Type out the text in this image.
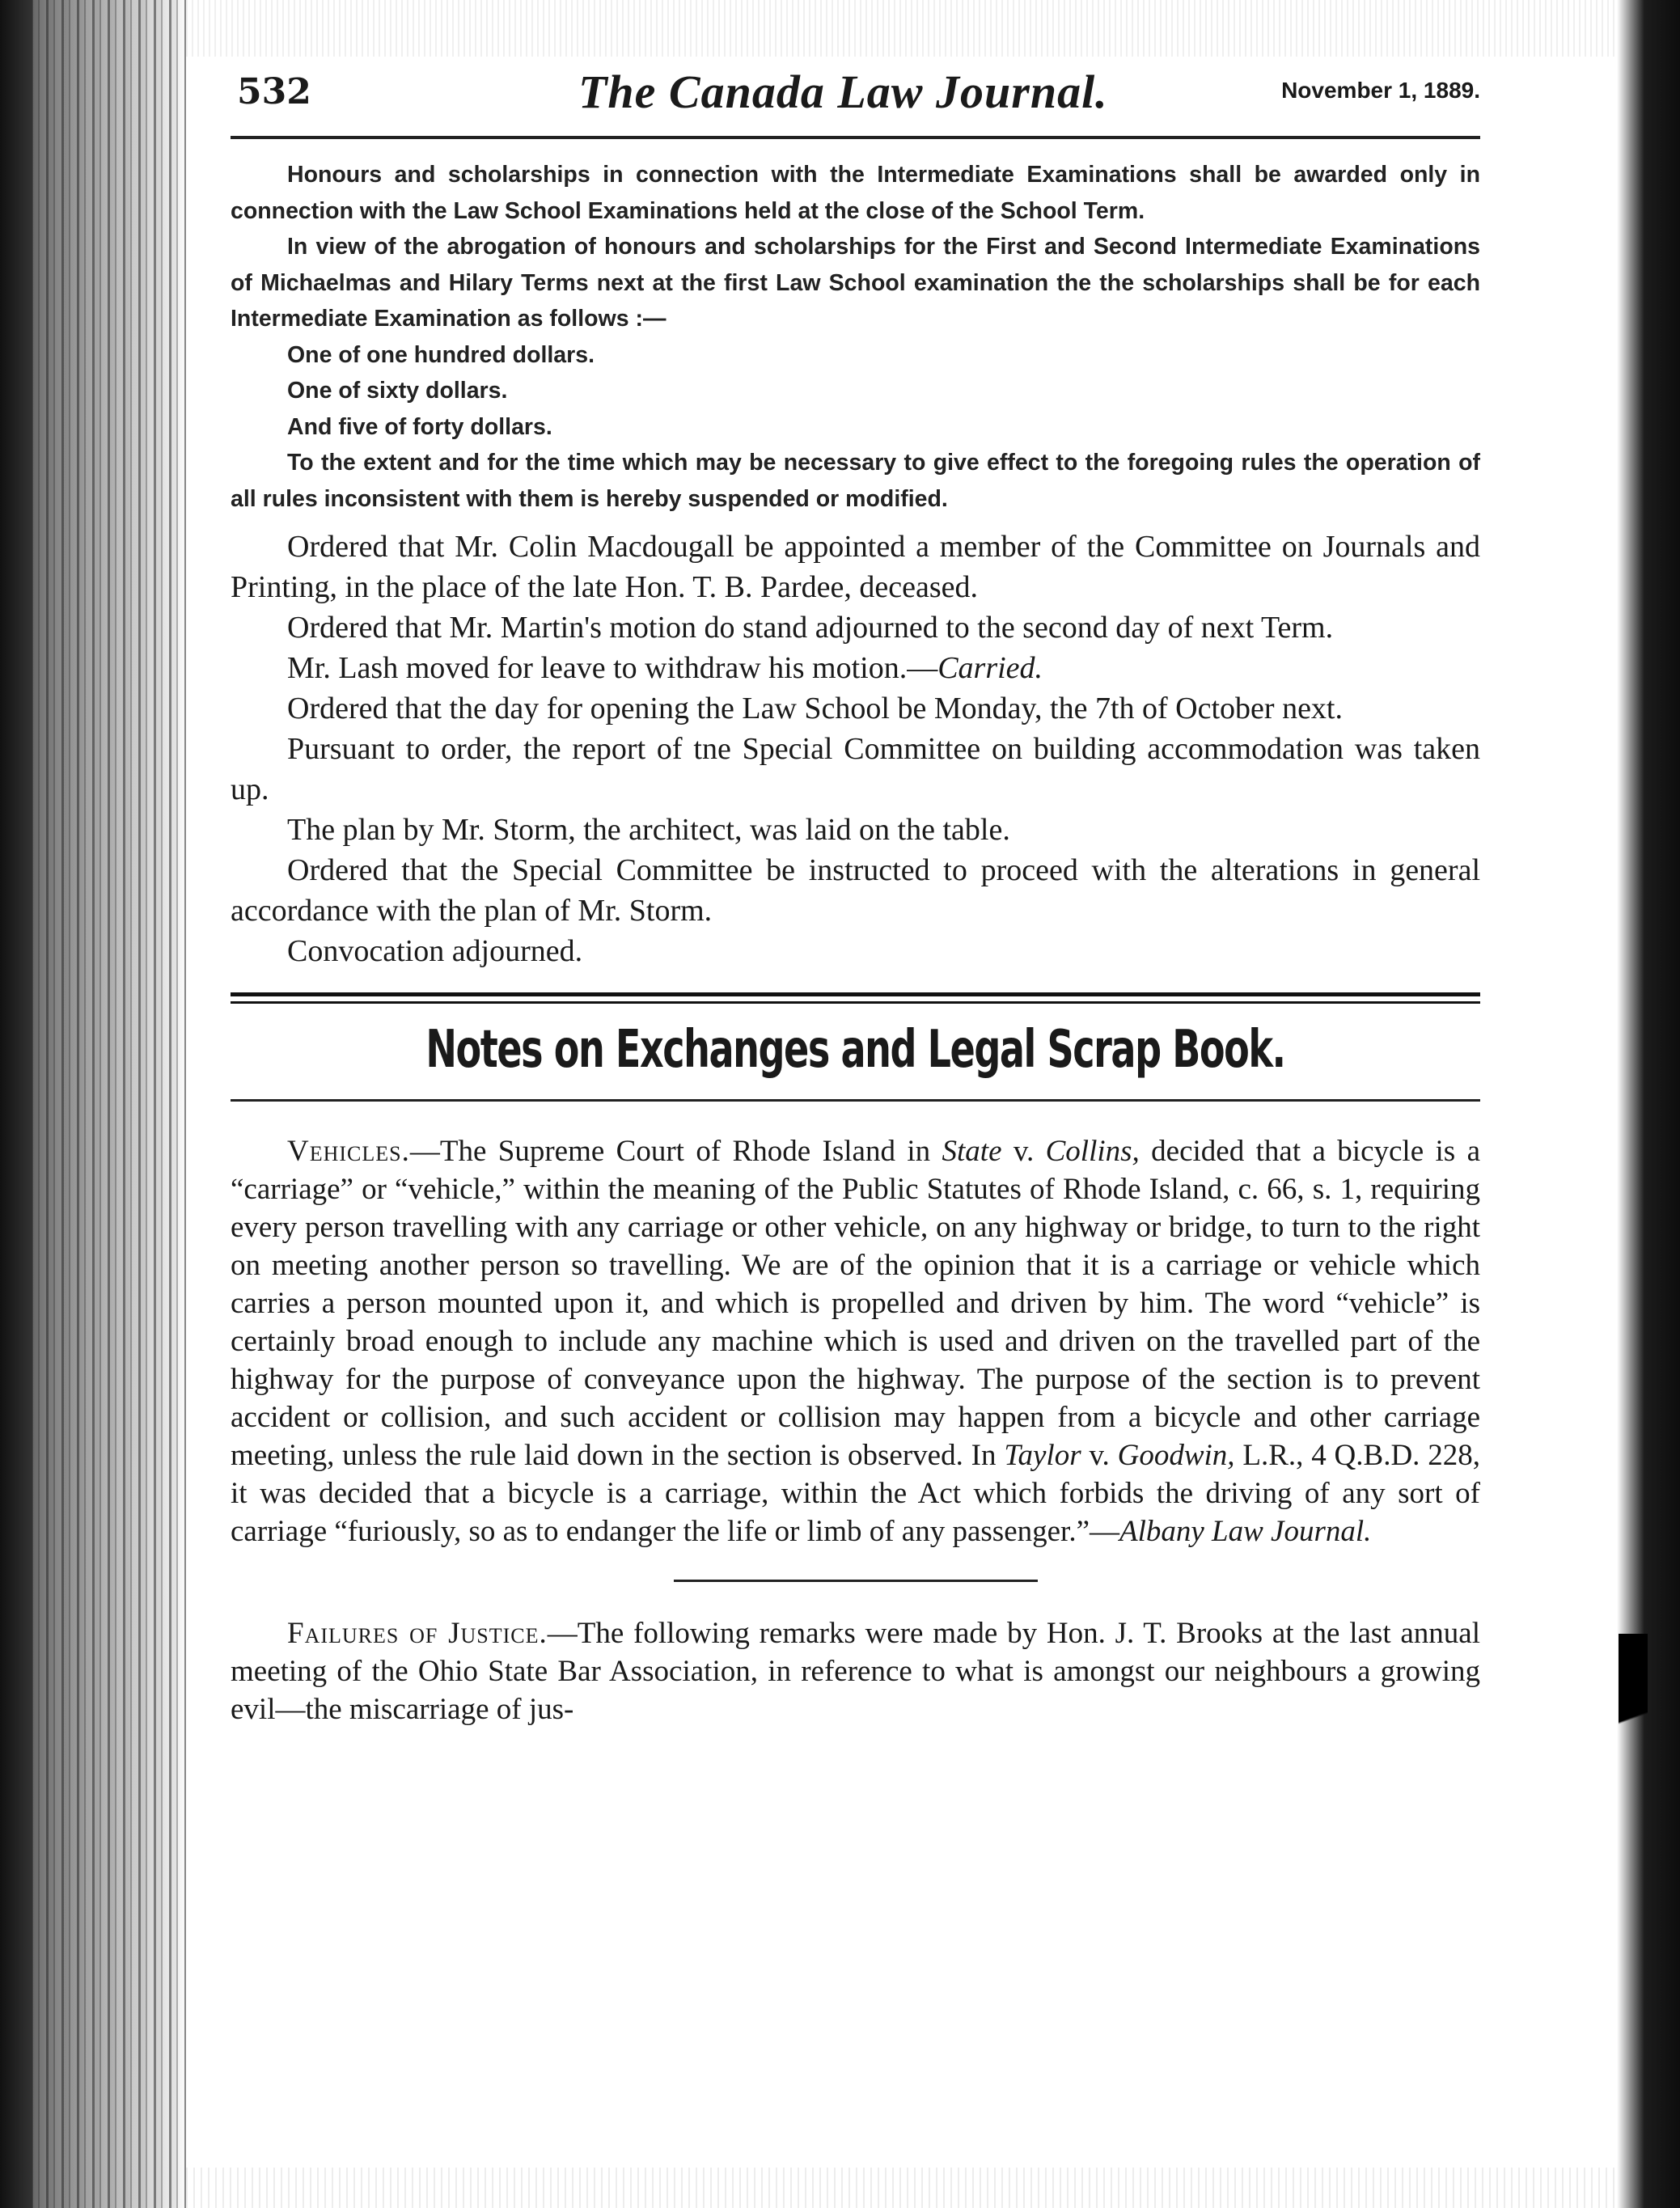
532	The Canada Law Journal.	November 1, 1889.

Honours and scholarships in connection with the Intermediate Examinations shall be awarded only in connection with the Law School Examinations held at the close of the School Term.

In view of the abrogation of honours and scholarships for the First and Second Intermediate Examinations of Michaelmas and Hilary Terms next at the first Law School examination the the scholarships shall be for each Intermediate Examination as follows :—

One of one hundred dollars.

One of sixty dollars.

And five of forty dollars.

To the extent and for the time which may be necessary to give effect to the foregoing rules the operation of all rules inconsistent with them is hereby suspended or modified.

Ordered that Mr. Colin Macdougall be appointed a member of the Committee on Journals and Printing, in the place of the late Hon. T. B. Pardee, deceased.

Ordered that Mr. Martin's motion do stand adjourned to the second day of next Term.

Mr. Lash moved for leave to withdraw his motion.—Carried.

Ordered that the day for opening the Law School be Monday, the 7th of October next.

Pursuant to order, the report of tne Special Committee on building accommodation was taken up.

The plan by Mr. Storm, the architect, was laid on the table.

Ordered that the Special Committee be instructed to proceed with the alterations in general accordance with the plan of Mr. Storm.

Convocation adjourned.

Notes on Exchanges and Legal Scrap Book.

Vehicles.—The Supreme Court of Rhode Island in State v. Collins, decided that a bicycle is a “carriage” or “vehicle,” within the meaning of the Public Statutes of Rhode Island, c. 66, s. 1, requiring every person travelling with any carriage or other vehicle, on any highway or bridge, to turn to the right on meeting another person so travelling. We are of the opinion that it is a carriage or vehicle which carries a person mounted upon it, and which is propelled and driven by him. The word “vehicle” is certainly broad enough to include any machine which is used and driven on the travelled part of the highway for the purpose of conveyance upon the highway. The purpose of the section is to prevent accident or collision, and such accident or collision may happen from a bicycle and other carriage meeting, unless the rule laid down in the section is observed. In Taylor v. Goodwin, L.R., 4 Q.B.D. 228, it was decided that a bicycle is a carriage, within the Act which forbids the driving of any sort of carriage “furiously, so as to endanger the life or limb of any passenger.”—Albany Law Journal.

Failures of Justice.—The following remarks were made by Hon. J. T. Brooks at the last annual meeting of the Ohio State Bar Association, in reference to what is amongst our neighbours a growing evil—the miscarriage of jus-
